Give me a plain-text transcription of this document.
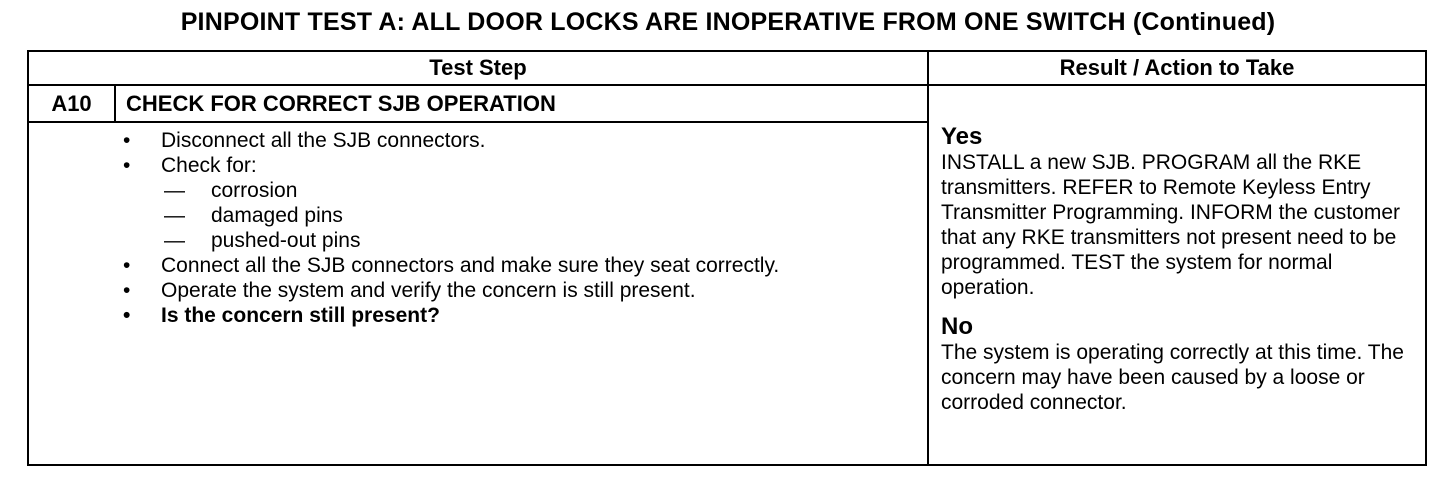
PINPOINT TEST A: ALL DOOR LOCKS ARE INOPERATIVE FROM ONE SWITCH (Continued)
Test Step	Result / Action to Take
A10	CHECK FOR CORRECT SJB OPERATION
• Disconnect all the SJB connectors.
• Check for:
— corrosion
— damaged pins
— pushed-out pins
• Connect all the SJB connectors and make sure they seat correctly.
• Operate the system and verify the concern is still present.
• Is the concern still present?
Yes
INSTALL a new SJB. PROGRAM all the RKE transmitters. REFER to Remote Keyless Entry Transmitter Programming. INFORM the customer that any RKE transmitters not present need to be programmed. TEST the system for normal operation.
No
The system is operating correctly at this time. The concern may have been caused by a loose or corroded connector.
